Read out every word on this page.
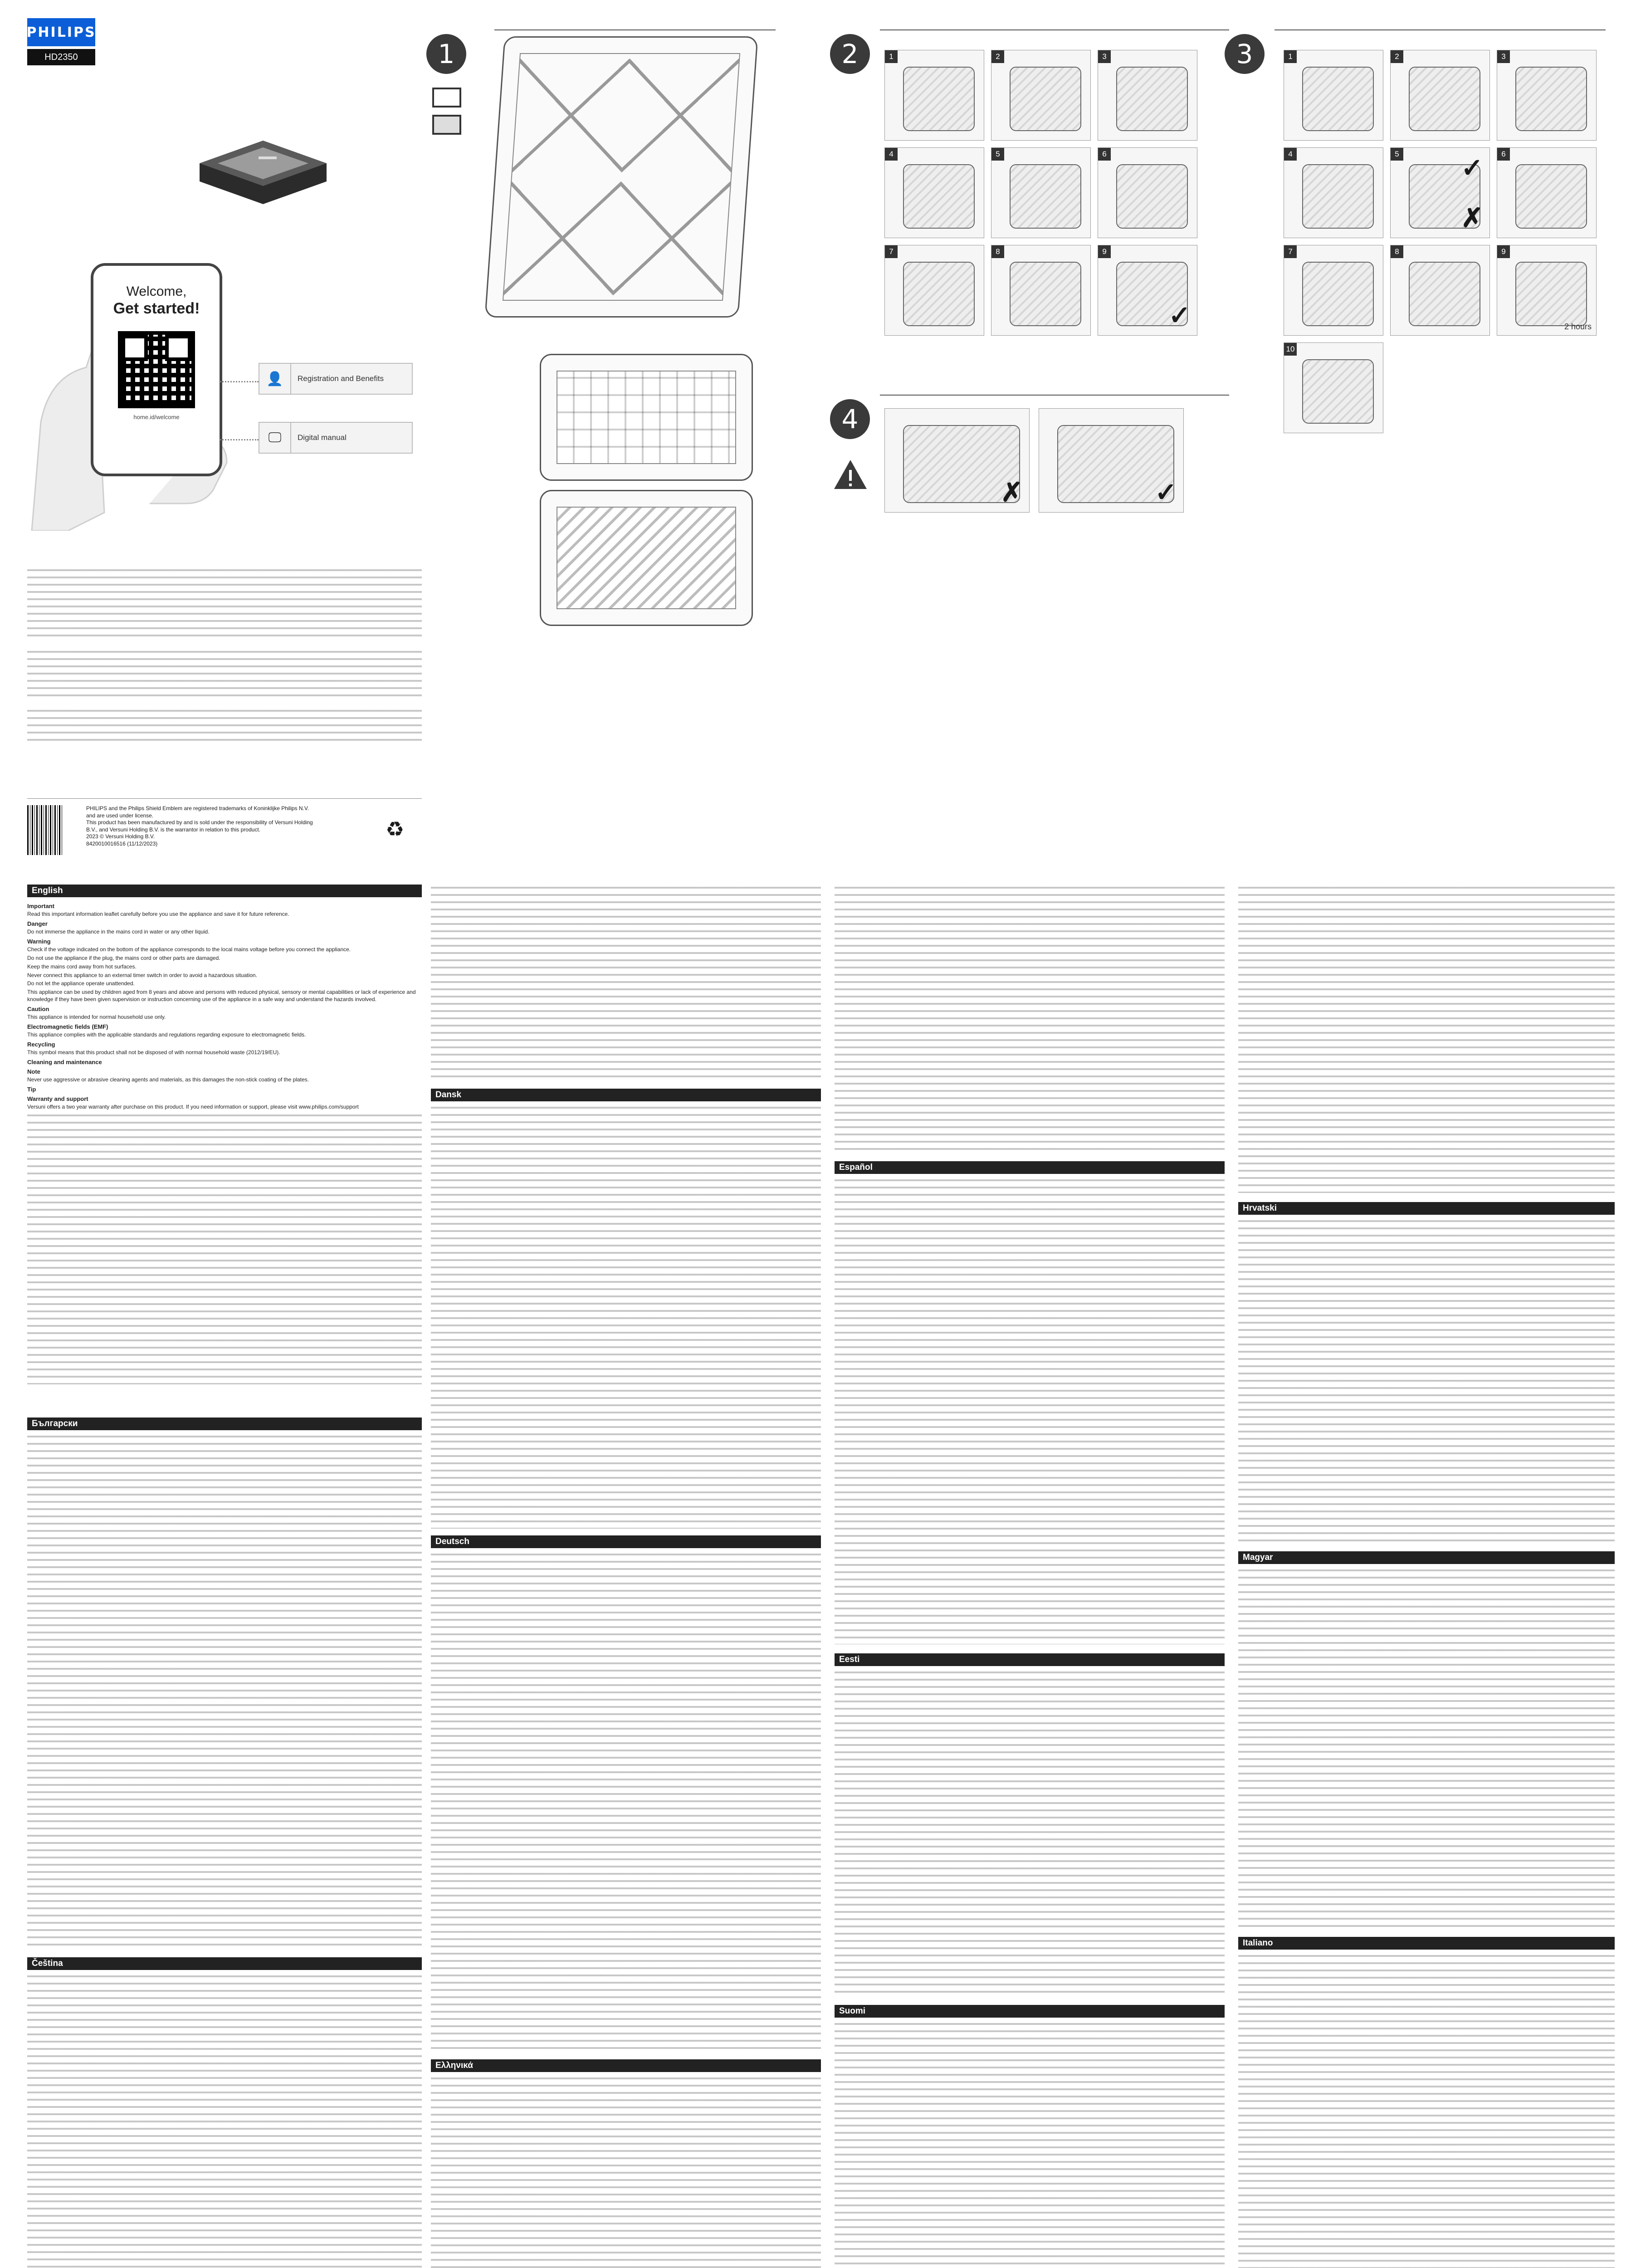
PHILIPS
HD2350
Welcome,
Get started!
home.id/welcome
👤	Registration and Benefits
🖵	Digital manual

PHILIPS and the Philips Shield Emblem are registered trademarks of Koninklijke Philips N.V. and are used under license.

This product has been manufactured by and is sold under the responsibility of Versuni Holding B.V., and Versuni Holding B.V. is the warrantor in relation to this product.

2023 © Versuni Holding B.V.

8420010016516 (11/12/2023)

♻
English
Important

Read this important information leaflet carefully before you use the appliance and save it for future reference.

Danger

Do not immerse the appliance in the mains cord in water or any other liquid.

Warning

Check if the voltage indicated on the bottom of the appliance corresponds to the local mains voltage before you connect the appliance.

Do not use the appliance if the plug, the mains cord or other parts are damaged.

Keep the mains cord away from hot surfaces.

Never connect this appliance to an external timer switch in order to avoid a hazardous situation.

Do not let the appliance operate unattended.

This appliance can be used by children aged from 8 years and above and persons with reduced physical, sensory or mental capabilities or lack of experience and knowledge if they have been given supervision or instruction concerning use of the appliance in a safe way and understand the hazards involved.

Caution

This appliance is intended for normal household use only.

Electromagnetic fields (EMF)

This appliance complies with the applicable standards and regulations regarding exposure to electromagnetic fields.

Recycling

This symbol means that this product shall not be disposed of with normal household waste (2012/19/EU).

Cleaning and maintenance
Note

Never use aggressive or abrasive cleaning agents and materials, as this damages the non-stick coating of the plates.

Tip
Warranty and support

Versuni offers a two year warranty after purchase on this product. If you need information or support, please visit www.philips.com/support

Български
Čeština
1	2	1	2	3
4	5	6
7	8	9
✓
3	1	2	3
4	5 ✓
✗
6
7	8	9
2 hours
10
4
✗	✓
Dansk
Deutsch
Ελληνικά
Español
Eesti
Suomi
Hrvatski
Magyar
Italiano
